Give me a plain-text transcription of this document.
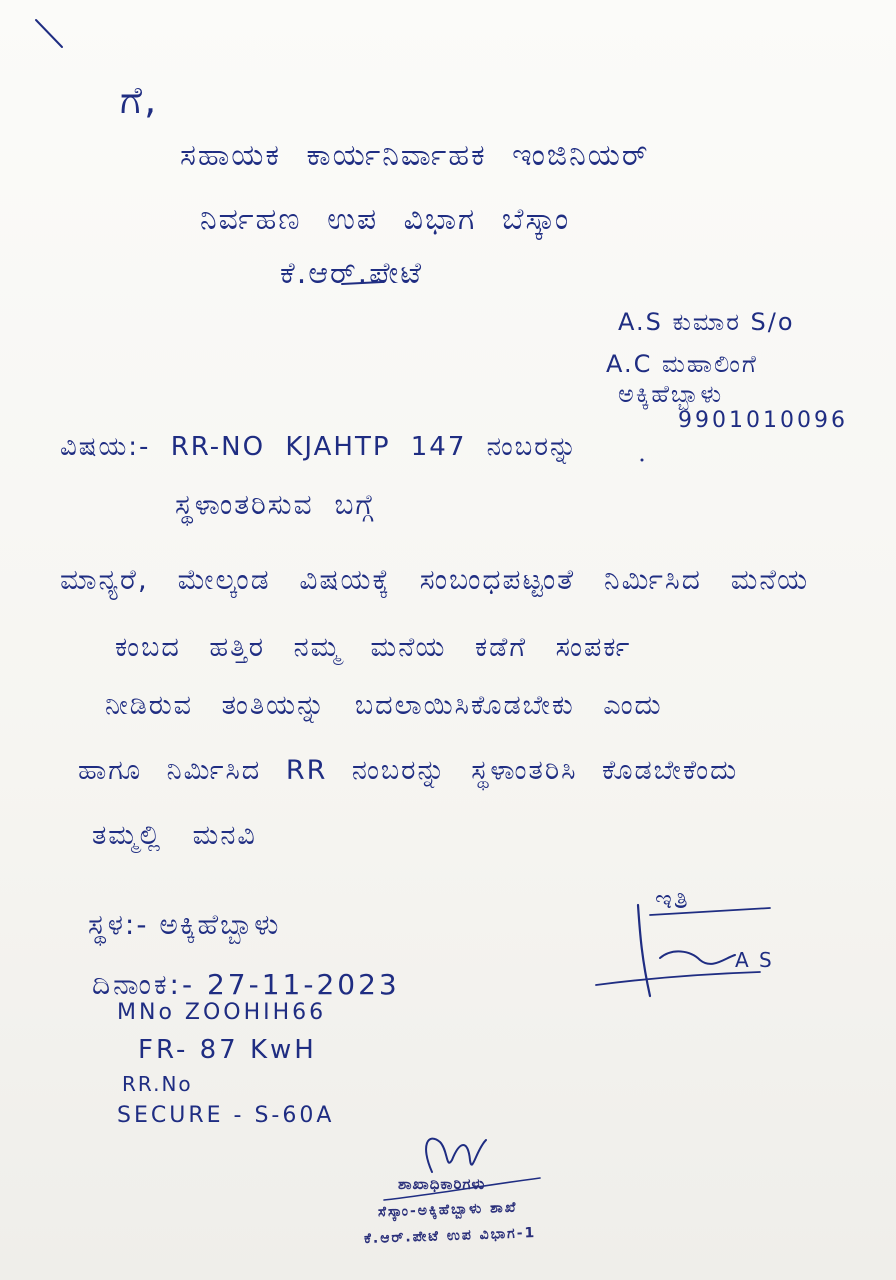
ಗೆ,
ಸಹಾಯಕ ಕಾರ್ಯನಿರ್ವಾಹಕ ಇಂಜಿನಿಯರ್
ನಿರ್ವಹಣ ಉಪ ವಿಭಾಗ ಬೆಸ್ಕಾಂ
ಕೆ.ಆರ್.ಪೇಟೆ
A.S ಕುಮಾರ S/o
A.C ಮಹಾಲಿಂಗೆ
ಅಕ್ಕಿಹೆಬ್ಬಾಳು
9901010096
ವಿಷಯ:- RR-NO KJAHTP 147 ನಂಬರನ್ನು
ಸ್ಥಳಾಂತರಿಸುವ ಬಗ್ಗೆ
ಮಾನ್ಯರೆ, ಮೇಲ್ಕಂಡ ವಿಷಯಕ್ಕೆ ಸಂಬಂಧಪಟ್ಟಂತೆ ನಿರ್ಮಿಸಿದ ಮನೆಯ
ಕಂಬದ ಹತ್ತಿರ ನಮ್ಮ ಮನೆಯ ಕಡೆಗೆ ಸಂಪರ್ಕ
ನೀಡಿರುವ ತಂತಿಯನ್ನು ಬದಲಾಯಿಸಿಕೊಡಬೇಕು ಎಂದು
ಹಾಗೂ ನಿರ್ಮಿಸಿದ RR ನಂಬರನ್ನು ಸ್ಥಳಾಂತರಿಸಿ ಕೊಡಬೇಕೆಂದು
ತಮ್ಮಲ್ಲಿ ಮನವಿ
ಇತಿ
A S
ಸ್ಥಳ:- ಅಕ್ಕಿಹೆಬ್ಬಾಳು
ದಿನಾಂಕ:- 27-11-2023
MNo ZOOHIH66
FR- 87 KwH
RR.No
SECURE - S-60A
ಶಾಖಾಧಿಕಾರಿಗಳು
ಸೆಸ್ಕಾಂ-ಅಕ್ಕಿಹೆಬ್ಬಾಳು ಶಾಖೆ
ಕೆ.ಆರ್.ಪೇಟೆ ಉಪ ವಿಭಾಗ-1
